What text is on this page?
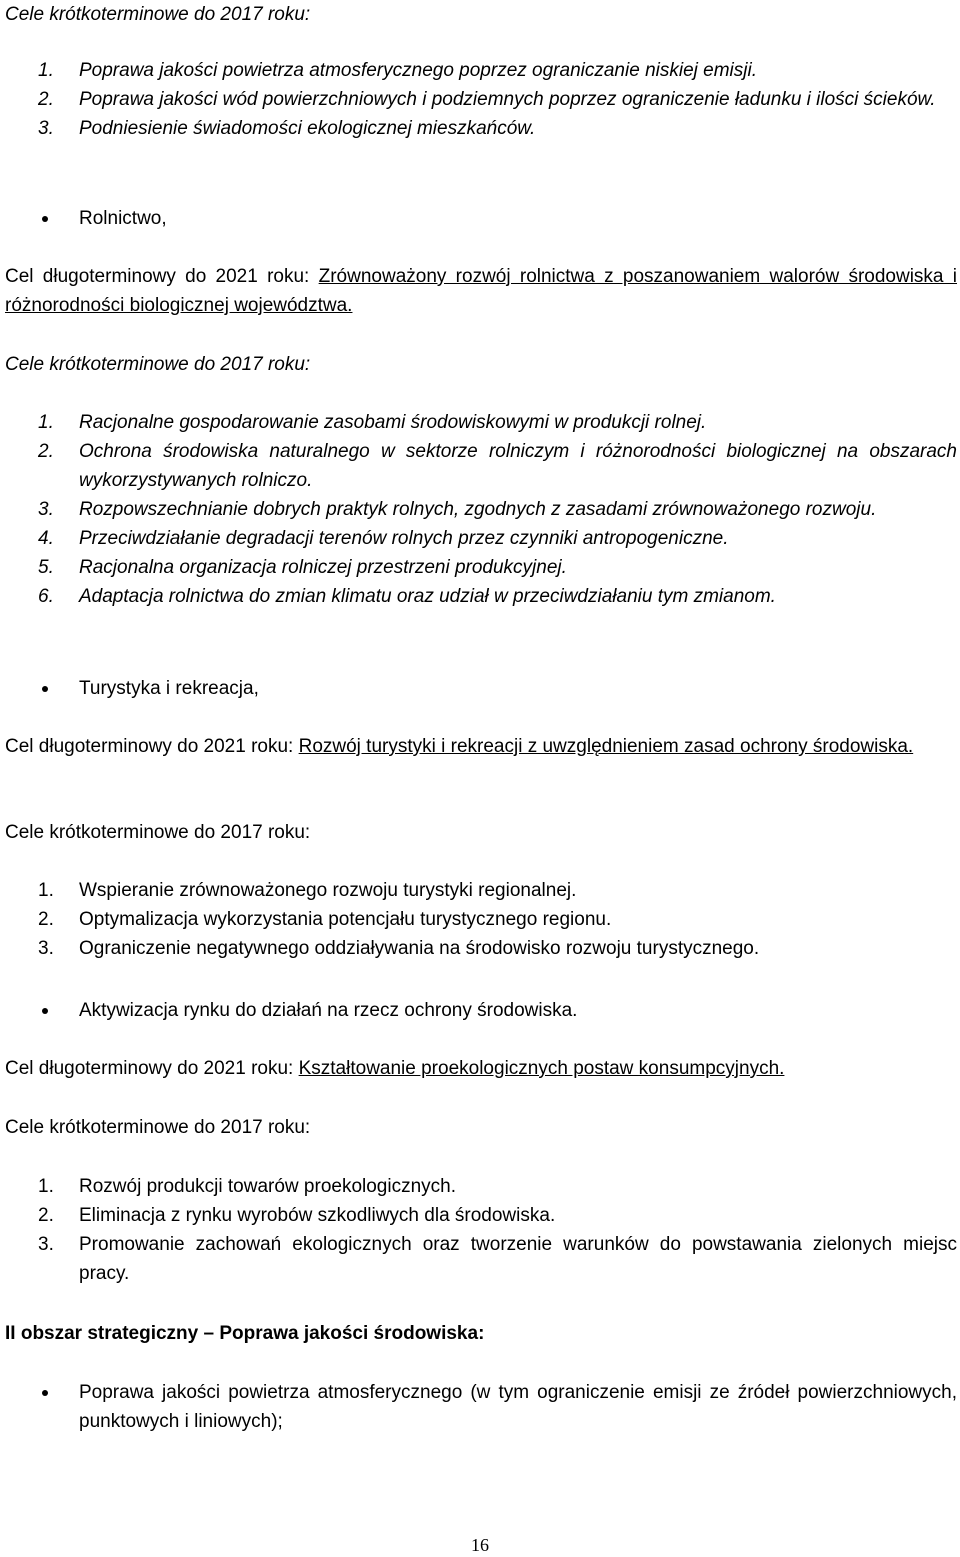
Cele krótkoterminowe do 2017 roku:

1. Poprawa jakości powietrza atmosferycznego poprzez ograniczanie niskiej emisji.
2. Poprawa jakości wód powierzchniowych i podziemnych poprzez ograniczenie ładunku i ilości ścieków.
3. Podniesienie świadomości ekologicznej mieszkańców.

Rolnictwo,

Cel długoterminowy do 2021 roku: Zrównoważony rozwój rolnictwa z poszanowaniem walorów środowiska i różnorodności biologicznej województwa.

Cele krótkoterminowe do 2017 roku:

1. Racjonalne gospodarowanie zasobami środowiskowymi w produkcji rolnej.
2. Ochrona środowiska naturalnego w sektorze rolniczym i różnorodności biologicznej na obszarach wykorzystywanych rolniczo.
3. Rozpowszechnianie dobrych praktyk rolnych, zgodnych z zasadami zrównoważonego rozwoju.
4. Przeciwdziałanie degradacji terenów rolnych przez czynniki antropogeniczne.
5. Racjonalna organizacja rolniczej przestrzeni produkcyjnej.
6. Adaptacja rolnictwa do zmian klimatu oraz udział w przeciwdziałaniu tym zmianom.

Turystyka i rekreacja,

Cel długoterminowy do 2021 roku: Rozwój turystyki i rekreacji z uwzględnieniem zasad ochrony środowiska.

Cele krótkoterminowe do 2017 roku:

1. Wspieranie zrównoważonego rozwoju turystyki regionalnej.
2. Optymalizacja wykorzystania potencjału turystycznego regionu.
3. Ograniczenie negatywnego oddziaływania na środowisko rozwoju turystycznego.

Aktywizacja rynku do działań na rzecz ochrony środowiska.

Cel długoterminowy do 2021 roku: Kształtowanie proekologicznych postaw konsumpcyjnych.

Cele krótkoterminowe do 2017 roku:

1. Rozwój produkcji towarów proekologicznych.
2. Eliminacja z rynku wyrobów szkodliwych dla środowiska.
3. Promowanie zachowań ekologicznych oraz tworzenie warunków do powstawania zielonych miejsc pracy.

II obszar strategiczny – Poprawa jakości środowiska:

Poprawa jakości powietrza atmosferycznego (w tym ograniczenie emisji ze źródeł powierzchniowych, punktowych i liniowych);

16
